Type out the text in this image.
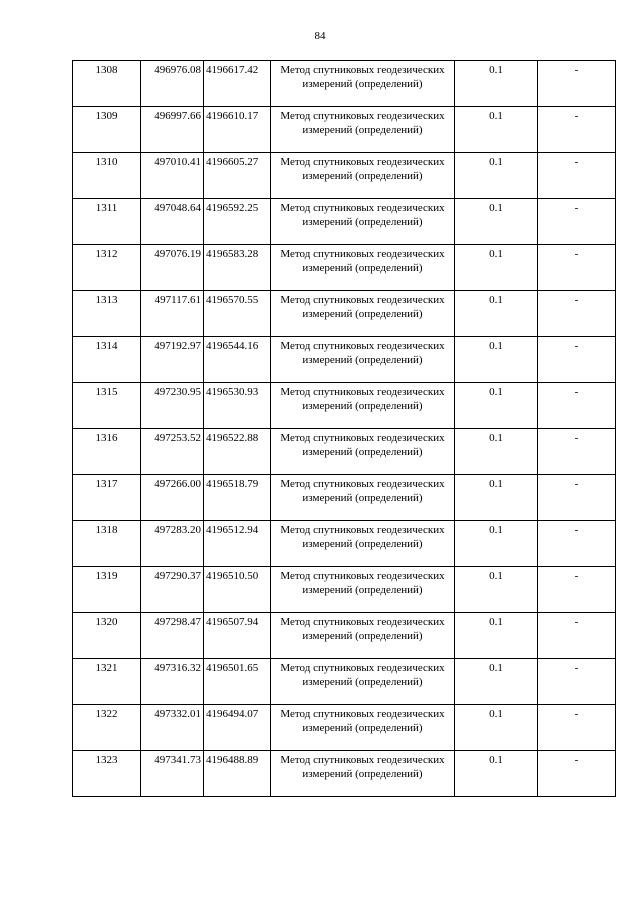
84
1308	496976.08	4196617.42	Метод спутниковых геодезических измерений (определений)	0.1	-
1309	496997.66	4196610.17	Метод спутниковых геодезических измерений (определений)	0.1	-
1310	497010.41	4196605.27	Метод спутниковых геодезических измерений (определений)	0.1	-
1311	497048.64	4196592.25	Метод спутниковых геодезических измерений (определений)	0.1	-
1312	497076.19	4196583.28	Метод спутниковых геодезических измерений (определений)	0.1	-
1313	497117.61	4196570.55	Метод спутниковых геодезических измерений (определений)	0.1	-
1314	497192.97	4196544.16	Метод спутниковых геодезических измерений (определений)	0.1	-
1315	497230.95	4196530.93	Метод спутниковых геодезических измерений (определений)	0.1	-
1316	497253.52	4196522.88	Метод спутниковых геодезических измерений (определений)	0.1	-
1317	497266.00	4196518.79	Метод спутниковых геодезических измерений (определений)	0.1	-
1318	497283.20	4196512.94	Метод спутниковых геодезических измерений (определений)	0.1	-
1319	497290.37	4196510.50	Метод спутниковых геодезических измерений (определений)	0.1	-
1320	497298.47	4196507.94	Метод спутниковых геодезических измерений (определений)	0.1	-
1321	497316.32	4196501.65	Метод спутниковых геодезических измерений (определений)	0.1	-
1322	497332.01	4196494.07	Метод спутниковых геодезических измерений (определений)	0.1	-
1323	497341.73	4196488.89	Метод спутниковых геодезических измерений (определений)	0.1	-
